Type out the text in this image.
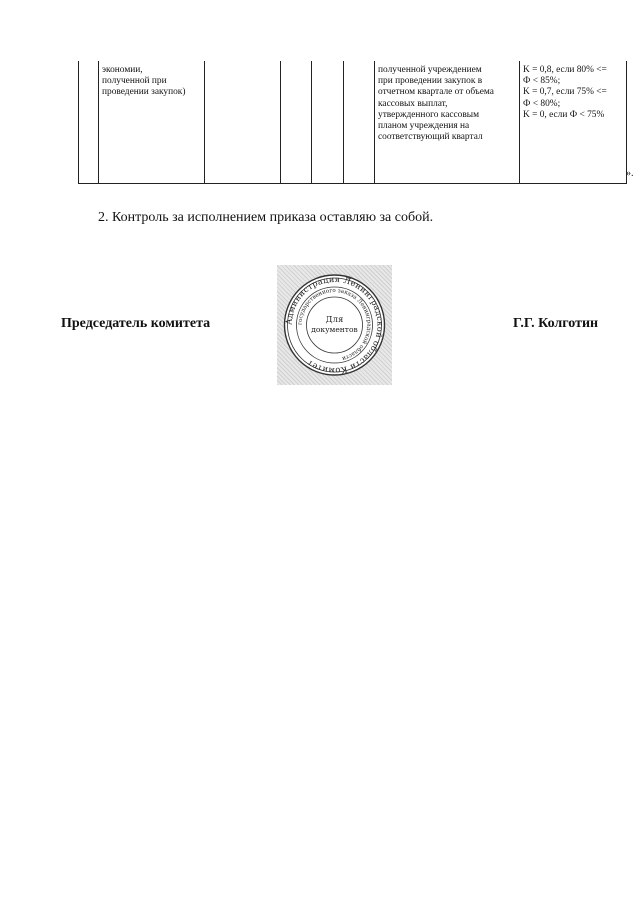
	экономии,
полученной при
проведении закупок)					полученной учреждением
при проведении закупок в
отчетном квартале от объема
кассовых выплат,
утвержденного кассовым
планом учреждения на
соответствующий квартал	K = 0,8, если 80% <=
Ф < 85%;
K = 0,7, если 75% <=
Ф < 80%;
K = 0, если Ф < 75%
».
2. Контроль за исполнением приказа оставляю за собой.
Председатель комитета	Администрация Ленинградской области Комитет
государственного заказа Ленинградской области
Для
документов	Г.Г. Колготин
